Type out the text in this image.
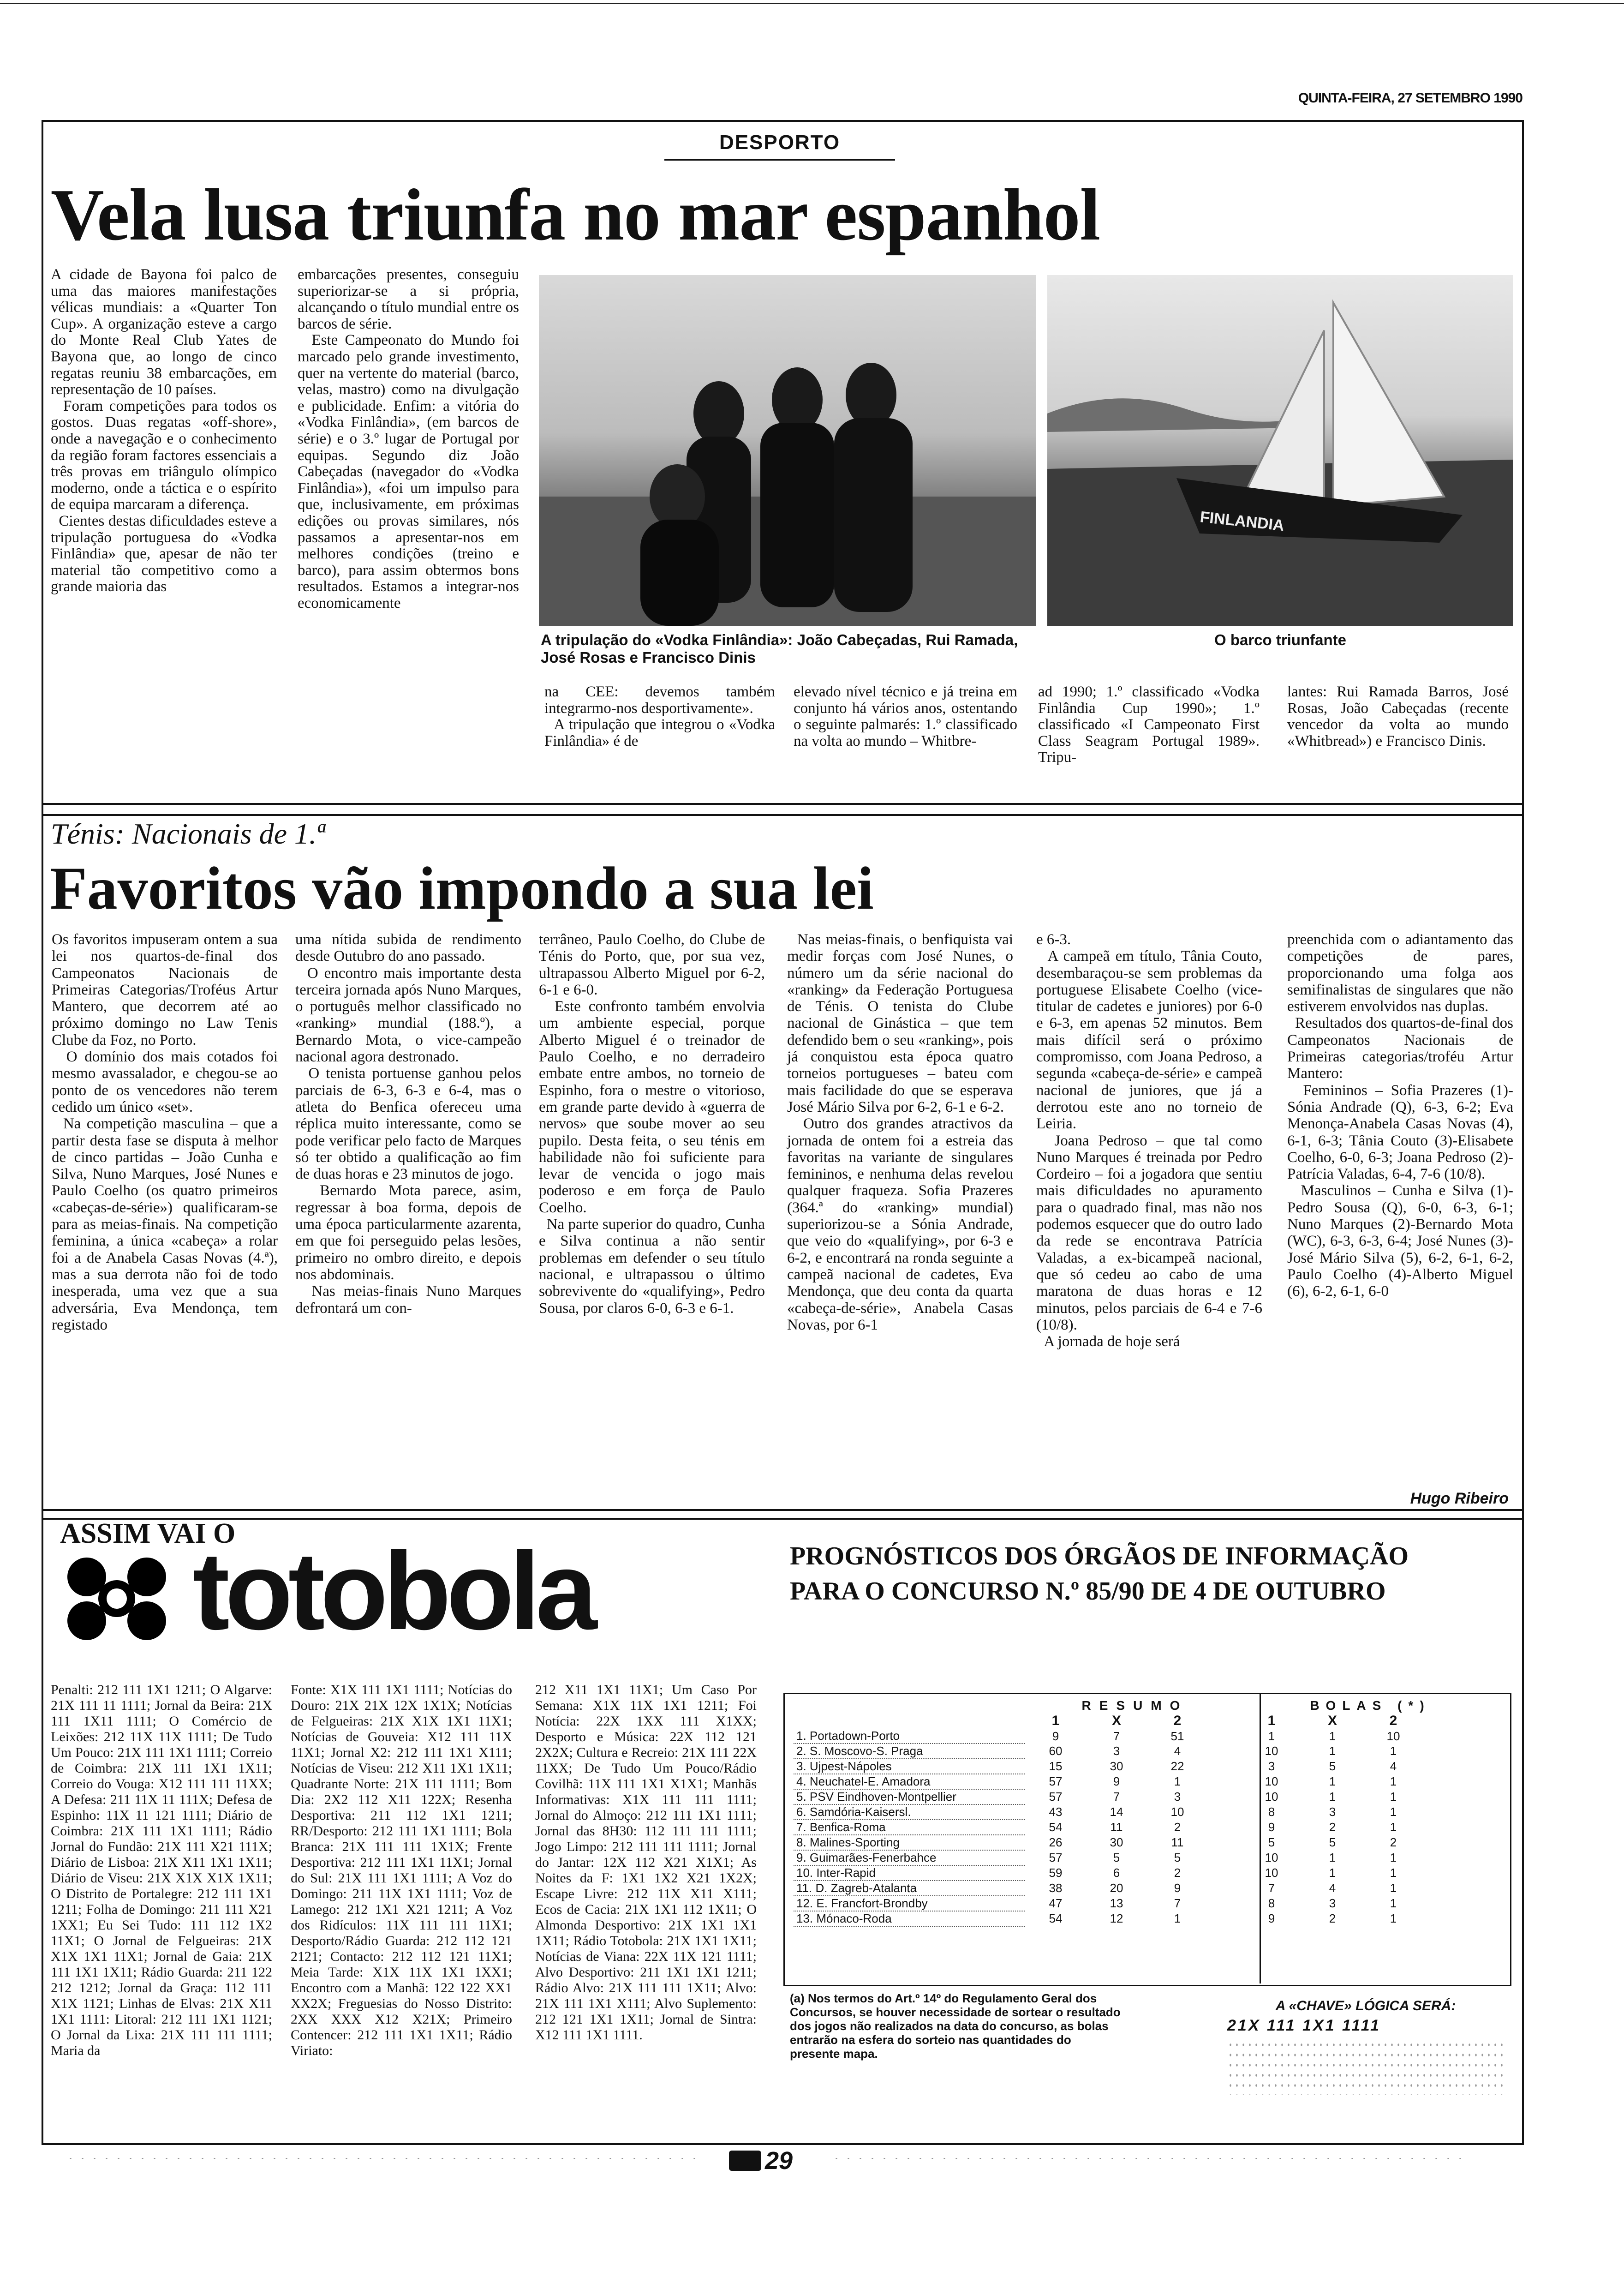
QUINTA-FEIRA, 27 SETEMBRO 1990
DESPORTO
Vela lusa triunfa no mar espanhol
A cidade de Bayona foi palco de uma das maiores manifestações vélicas mundiais: a «Quarter Ton Cup». A organização esteve a cargo do Monte Real Club Yates de Bayona que, ao longo de cinco regatas reuniu 38 embarcações, em representação de 10 países.
Foram competições para todos os gostos. Duas regatas «off-shore», onde a navegação e o conhecimento da região foram factores essenciais a três provas em triângulo olímpico moderno, onde a táctica e o espírito de equipa marcaram a diferença.
Cientes destas dificuldades esteve a tripulação portuguesa do «Vodka Finlândia» que, apesar de não ter material tão competitivo como a grande maioria das
embarcações presentes, conseguiu superiorizar-se a si própria, alcançando o título mundial entre os barcos de série.
Este Campeonato do Mundo foi marcado pelo grande investimento, quer na vertente do material (barco, velas, mastro) como na divulgação e publicidade. Enfim: a vitória do «Vodka Finlândia», (em barcos de série) e o 3.º lugar de Portugal por equipas. Segundo diz João Cabeçadas (navegador do «Vodka Finlândia»), «foi um impulso para que, inclusivamente, em próximas edições ou provas similares, nós passamos a apresentar-nos em melhores condições (treino e barco), para assim obtermos bons resultados. Estamos a integrar-nos economicamente
A tripulação do «Vodka Finlândia»: João Cabeçadas, Rui Ramada, José Rosas e Francisco Dinis
FINLANDIA
O barco triunfante
na CEE: devemos também integrarmo-nos desportivamente».
A tripulação que integrou o «Vodka Finlândia» é de
elevado nível técnico e já treina em conjunto há vários anos, ostentando o seguinte palmarés: 1.º classificado na volta ao mundo – Whitbre-
ad 1990; 1.º classificado «Vodka Finlândia Cup 1990»; 1.º classificado «I Campeonato First Class Seagram Portugal 1989». Tripu-
lantes: Rui Ramada Barros, José Rosas, João Cabeçadas (recente vencedor da volta ao mundo «Whitbread») e Francisco Dinis.
Ténis: Nacionais de 1.ª
Favoritos vão impondo a sua lei
Os favoritos impuseram ontem a sua lei nos quartos-de-final dos Campeonatos Nacionais de Primeiras Categorias/Troféus Artur Mantero, que decorrem até ao próximo domingo no Law Tenis Clube da Foz, no Porto.
O domínio dos mais cotados foi mesmo avassalador, e chegou-se ao ponto de os vencedores não terem cedido um único «set».
Na competição masculina – que a partir desta fase se disputa à melhor de cinco partidas – João Cunha e Silva, Nuno Marques, José Nunes e Paulo Coelho (os quatro primeiros «cabeças-de-série») qualificaram-se para as meias-finais. Na competição feminina, a única «cabeça» a rolar foi a de Anabela Casas Novas (4.ª), mas a sua derrota não foi de todo inesperada, uma vez que a sua adversária, Eva Mendonça, tem registado
uma nítida subida de rendimento desde Outubro do ano passado.
O encontro mais importante desta terceira jornada após Nuno Marques, o português melhor classificado no «ranking» mundial (188.º), a Bernardo Mota, o vice-campeão nacional agora destronado.
O tenista portuense ganhou pelos parciais de 6-3, 6-3 e 6-4, mas o atleta do Benfica ofereceu uma réplica muito interessante, como se pode verificar pelo facto de Marques só ter obtido a qualificação ao fim de duas horas e 23 minutos de jogo.
Bernardo Mota parece, asim, regressar à boa forma, depois de uma época particularmente azarenta, em que foi perseguido pelas lesões, primeiro no ombro direito, e depois nos abdominais.
Nas meias-finais Nuno Marques defrontará um con-
terrâneo, Paulo Coelho, do Clube de Ténis do Porto, que, por sua vez, ultrapassou Alberto Miguel por 6-2, 6-1 e 6-0.
Este confronto também envolvia um ambiente especial, porque Alberto Miguel é o treinador de Paulo Coelho, e no derradeiro embate entre ambos, no torneio de Espinho, fora o mestre o vitorioso, em grande parte devido à «guerra de nervos» que soube mover ao seu pupilo. Desta feita, o seu ténis em habilidade não foi suficiente para levar de vencida o jogo mais poderoso e em força de Paulo Coelho.
Na parte superior do quadro, Cunha e Silva continua a não sentir problemas em defender o seu título nacional, e ultrapassou o último sobrevivente do «qualifying», Pedro Sousa, por claros 6-0, 6-3 e 6-1.
Nas meias-finais, o benfiquista vai medir forças com José Nunes, o número um da série nacional do «ranking» da Federação Portuguesa de Ténis. O tenista do Clube nacional de Ginástica – que tem defendido bem o seu «ranking», pois já conquistou esta época quatro torneios portugueses – bateu com mais facilidade do que se esperava José Mário Silva por 6-2, 6-1 e 6-2.
Outro dos grandes atractivos da jornada de ontem foi a estreia das favoritas na variante de singulares femininos, e nenhuma delas revelou qualquer fraqueza. Sofia Prazeres (364.ª do «ranking» mundial) superiorizou-se a Sónia Andrade, que veio do «qualifying», por 6-3 e 6-2, e encontrará na ronda seguinte a campeã nacional de cadetes, Eva Mendonça, que deu conta da quarta «cabeça-de-série», Anabela Casas Novas, por 6-1
e 6-3.
A campeã em título, Tânia Couto, desembaraçou-se sem problemas da portuguese Elisabete Coelho (vice-titular de cadetes e juniores) por 6-0 e 6-3, em apenas 52 minutos. Bem mais difícil será o próximo compromisso, com Joana Pedroso, a segunda «cabeça-de-série» e campeã nacional de juniores, que já a derrotou este ano no torneio de Leiria.
Joana Pedroso – que tal como Nuno Marques é treinada por Pedro Cordeiro – foi a jogadora que sentiu mais dificuldades no apuramento para o quadrado final, mas não nos podemos esquecer que do outro lado da rede se encontrava Patrícia Valadas, a ex-bicampeã nacional, que só cedeu ao cabo de uma maratona de duas horas e 12 minutos, pelos parciais de 6-4 e 7-6 (10/8).
A jornada de hoje será
preenchida com o adiantamento das competições de pares, proporcionando uma folga aos semifinalistas de singulares que não estiverem envolvidos nas duplas.
Resultados dos quartos-de-final dos Campeonatos Nacionais de Primeiras categorias/troféu Artur Mantero:
Femininos – Sofia Prazeres (1)-Sónia Andrade (Q), 6-3, 6-2; Eva Menonça-Anabela Casas Novas (4), 6-1, 6-3; Tânia Couto (3)-Elisabete Coelho, 6-0, 6-3; Joana Pedroso (2)-Patrícia Valadas, 6-4, 7-6 (10/8).
Masculinos – Cunha e Silva (1)-Pedro Sousa (Q), 6-0, 6-3, 6-1; Nuno Marques (2)-Bernardo Mota (WC), 6-3, 6-3, 6-4; José Nunes (3)-José Mário Silva (5), 6-2, 6-1, 6-2, Paulo Coelho (4)-Alberto Miguel (6), 6-2, 6-1, 6-0
Hugo Ribeiro
ASSIM VAI O
totobola	PROGNÓSTICOS DOS ÓRGÃOS DE INFORMAÇÃO
PARA O CONCURSO N.º 85/90 DE 4 DE OUTUBRO
Penalti: 212 111 1X1 1211; O Algarve: 21X 111 11 1111; Jornal da Beira: 21X 111 1X11 1111; O Comércio de Leixões: 212 11X 11X 1111; De Tudo Um Pouco: 21X 111 1X1 1111; Correio de Coimbra: 21X 111 1X1 1X11; Correio do Vouga: X12 111 111 11XX; A Defesa: 211 11X 11 111X; Defesa de Espinho: 11X 11 121 1111; Diário de Coimbra: 21X 111 1X1 1111; Rádio Jornal do Fundão: 21X 111 X21 111X; Diário de Lisboa: 21X X11 1X1 1X11; Diário de Viseu: 21X X1X X1X 1X11; O Distrito de Portalegre: 212 111 1X1 1211; Folha de Domingo: 211 111 X21 1XX1; Eu Sei Tudo: 111 112 1X2 11X1; O Jornal de Felgueiras: 21X X1X 1X1 11X1; Jornal de Gaia: 21X 111 1X1 1X11; Rádio Guarda: 211 122 212 1212; Jornal da Graça: 112 111 X1X 1121; Linhas de Elvas: 21X X11 1X1 1111: Litoral: 212 111 1X1 1121; O Jornal da Lixa: 21X 111 111 1111; Maria da
Fonte: X1X 111 1X1 1111; Notícias do Douro: 21X 21X 12X 1X1X; Notícias de Felgueiras: 21X X1X 1X1 11X1; Notícias de Gouveia: X12 111 11X 11X1; Jornal X2: 212 111 1X1 X111; Notícias de Viseu: 212 X11 1X1 1X11; Quadrante Norte: 21X 111 1111; Bom Dia: 2X2 112 X11 122X; Resenha Desportiva: 211 112 1X1 1211; RR/Desporto: 212 111 1X1 1111; Bola Branca: 21X 111 111 1X1X; Frente Desportiva: 212 111 1X1 11X1; Jornal do Sul: 21X 111 1X1 1111; A Voz do Domingo: 211 11X 1X1 1111; Voz de Lamego: 212 1X1 X21 1211; A Voz dos Ridículos: 11X 111 111 11X1; Desporto/Rádio Guarda: 212 112 121 2121; Contacto: 212 112 121 11X1; Meia Tarde: X1X 11X 1X1 1XX1; Encontro com a Manhã: 122 122 XX1 XX2X; Freguesias do Nosso Distrito: 2XX XXX X12 X21X; Primeiro Contencer: 212 111 1X1 1X11; Rádio Viriato:
212 X11 1X1 11X1; Um Caso Por Semana: X1X 11X 1X1 1211; Foi Notícia: 22X 1XX 111 X1XX; Desporto e Música: 22X 112 121 2X2X; Cultura e Recreio: 21X 111 22X 11XX; De Tudo Um Pouco/Rádio Covilhã: 11X 111 1X1 X1X1; Manhãs Informativas: X1X 111 111 1111; Jornal do Almoço: 212 111 1X1 1111; Jornal das 8H30: 112 111 111 1111; Jogo Limpo: 212 111 111 1111; Jornal do Jantar: 12X 112 X21 X1X1; As Noites da F: 1X1 1X2 X21 1X2X; Escape Livre: 212 11X X11 X111; Ecos de Cacia: 21X 1X1 112 1X11; O Almonda Desportivo: 21X 1X1 1X1 1X11; Rádio Totobola: 21X 1X1 1X11; Notícias de Viana: 22X 11X 121 1111; Alvo Desportivo: 211 1X1 1X1 1211; Rádio Alvo: 21X 111 111 1X11; Alvo: 21X 111 1X1 X111; Alvo Suplemento: 212 121 1X1 1X11; Jornal de Sintra: X12 111 1X1 1111.
RESUMO	BOLAS (*)
	1	X	2		1	X	2
1. Portadown-Porto	9	7	51		1	1	10
2. S. Moscovo-S. Praga	60	3	4		10	1	1
3. Ujpest-Nápoles	15	30	22		3	5	4
4. Neuchatel-E. Amadora	57	9	1		10	1	1
5. PSV Eindhoven-Montpellier	57	7	3		10	1	1
6. Samdória-Kaisersl.	43	14	10		8	3	1
7. Benfica-Roma	54	11	2		9	2	1
8. Malines-Sporting	26	30	11		5	5	2
9. Guimarães-Fenerbahce	57	5	5		10	1	1
10. Inter-Rapid	59	6	2		10	1	1
11. D. Zagreb-Atalanta	38	20	9		7	4	1
12. E. Francfort-Brondby	47	13	7		8	3	1
13. Mónaco-Roda	54	12	1		9	2	1
(a) Nos termos do Art.º 14º do Regulamento Geral dos Concursos, se houver necessidade de sortear o resultado dos jogos não realizados na data do concurso, as bolas entrarão na esfera do sorteio nas quantidades do presente mapa.
A «CHAVE» LÓGICA SERÁ:
21X 111 1X1 1111
29
